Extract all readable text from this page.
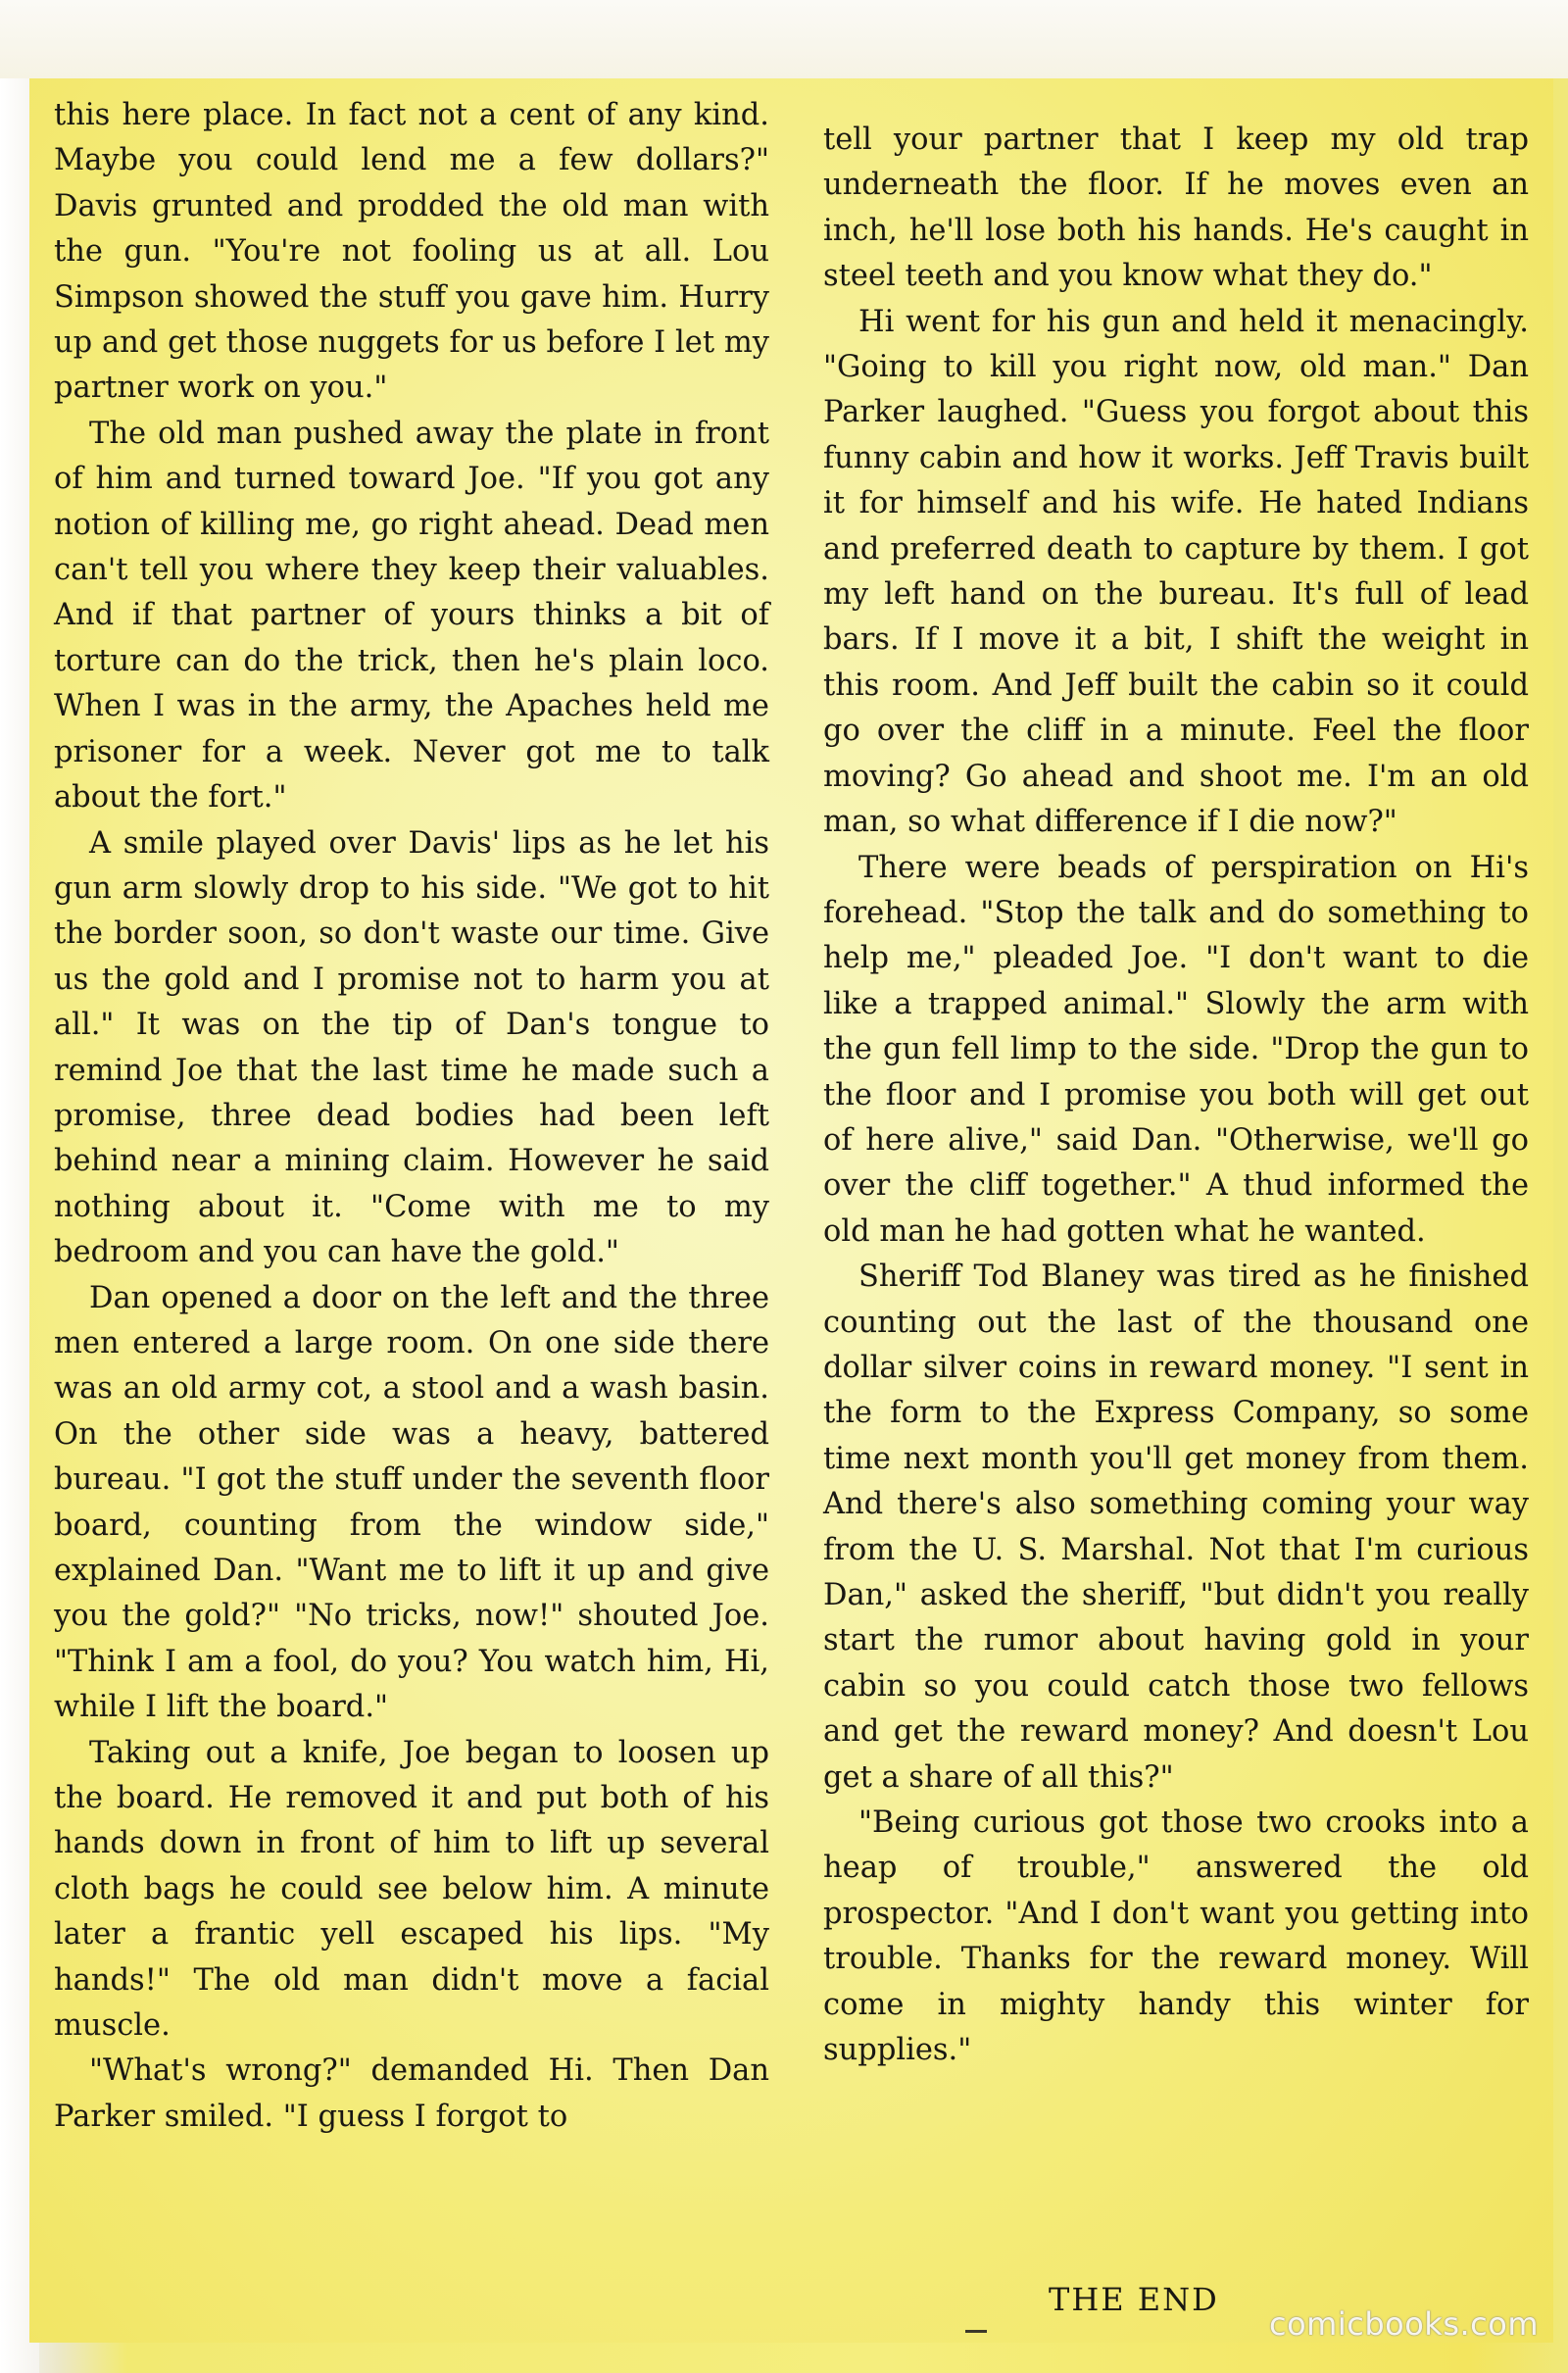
this here place. In fact not a cent of any kind. Maybe you could lend me a few dollars?" Davis grunted and prodded the old man with the gun. "You're not fooling us at all. Lou Simpson showed the stuff you gave him. Hurry up and get those nuggets for us before I let my partner work on you."

The old man pushed away the plate in front of him and turned toward Joe. "If you got any notion of killing me, go right ahead. Dead men can't tell you where they keep their valuables. And if that partner of yours thinks a bit of torture can do the trick, then he's plain loco. When I was in the army, the Apaches held me prisoner for a week. Never got me to talk about the fort."

A smile played over Davis' lips as he let his gun arm slowly drop to his side. "We got to hit the border soon, so don't waste our time. Give us the gold and I promise not to harm you at all." It was on the tip of Dan's tongue to remind Joe that the last time he made such a promise, three dead bodies had been left behind near a mining claim. However he said nothing about it. "Come with me to my bedroom and you can have the gold."

Dan opened a door on the left and the three men entered a large room. On one side there was an old army cot, a stool and a wash basin. On the other side was a heavy, battered bureau. "I got the stuff under the seventh floor board, counting from the window side," explained Dan. "Want me to lift it up and give you the gold?" "No tricks, now!" shouted Joe. "Think I am a fool, do you? You watch him, Hi, while I lift the board."

Taking out a knife, Joe began to loosen up the board. He removed it and put both of his hands down in front of him to lift up several cloth bags he could see below him. A minute later a frantic yell escaped his lips. "My hands!" The old man didn't move a facial muscle.

"What's wrong?" demanded Hi. Then Dan Parker smiled. "I guess I forgot to

tell your partner that I keep my old trap underneath the floor. If he moves even an inch, he'll lose both his hands. He's caught in steel teeth and you know what they do."

Hi went for his gun and held it menacingly. "Going to kill you right now, old man." Dan Parker laughed. "Guess you forgot about this funny cabin and how it works. Jeff Travis built it for himself and his wife. He hated Indians and preferred death to capture by them. I got my left hand on the bureau. It's full of lead bars. If I move it a bit, I shift the weight in this room. And Jeff built the cabin so it could go over the cliff in a minute. Feel the floor moving? Go ahead and shoot me. I'm an old man, so what difference if I die now?"

There were beads of perspiration on Hi's forehead. "Stop the talk and do something to help me," pleaded Joe. "I don't want to die like a trapped animal." Slowly the arm with the gun fell limp to the side. "Drop the gun to the floor and I promise you both will get out of here alive," said Dan. "Otherwise, we'll go over the cliff together." A thud informed the old man he had gotten what he wanted.

Sheriff Tod Blaney was tired as he finished counting out the last of the thousand one dollar silver coins in reward money. "I sent in the form to the Express Company, so some time next month you'll get money from them. And there's also something coming your way from the U. S. Marshal. Not that I'm curious Dan," asked the sheriff, "but didn't you really start the rumor about having gold in your cabin so you could catch those two fellows and get the reward money? And doesn't Lou get a share of all this?"

"Being curious got those two crooks into a heap of trouble," answered the old prospector. "And I don't want you getting into trouble. Thanks for the reward money. Will come in mighty handy this winter for supplies."

THE END
comicbooks.com
